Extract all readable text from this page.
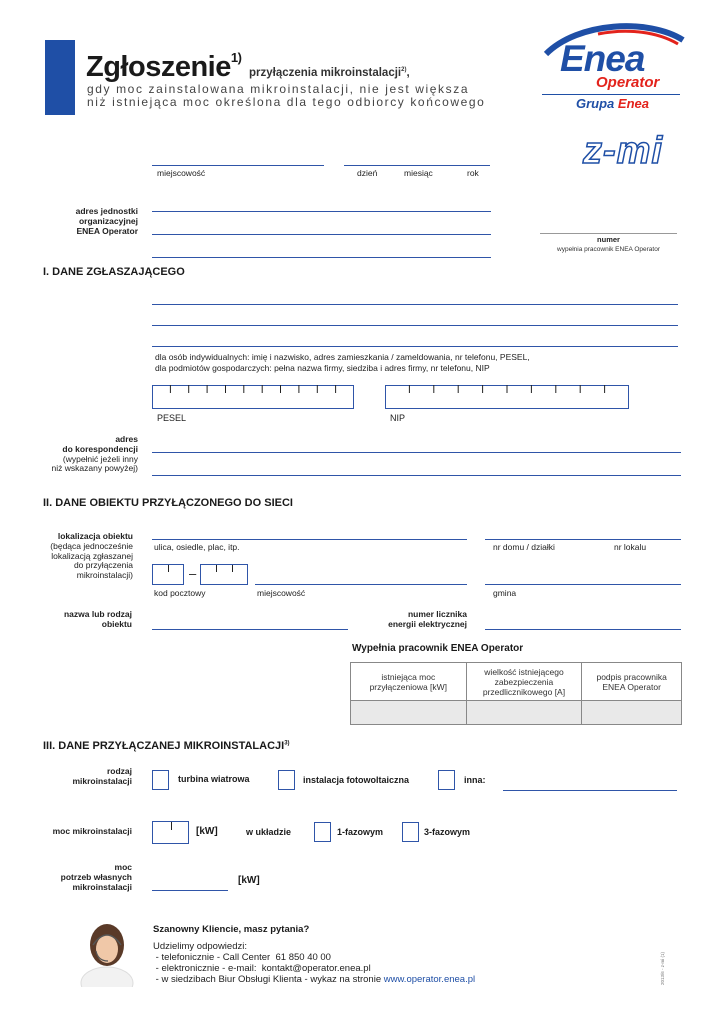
Zgłoszenie$^{1)}$ przyłączenia mikroinstalacji$^{2)}$,
gdy moc zainstalowana mikroinstalacji, nie jest większa
niż istniejąca moc określona dla tego odbiorcy końcowego
Enea
Operator
Grupa Enea
z-mi
miejscowość	dzień	miesiąc	rok
adres jednostki
organizacyjnej
ENEA Operator
numer
wypełnia pracownik ENEA Operator
I. DANE ZGŁASZAJĄCEGO
dla osób indywidualnych: imię i nazwisko, adres zamieszkania / zameldowania, nr telefonu, PESEL,
dla podmiotów gospodarczych: pełna nazwa firmy, siedziba i adres firmy, nr telefonu, NIP
PESEL	NIP
adres
do korespondencji
(wypełnić jeżeli inny
niż wskazany powyżej)
II. DANE OBIEKTU PRZYŁĄCZONEGO DO SIECI
lokalizacja obiektu
(będąca jednocześnie
lokalizacją zgłaszanej
do przyłączenia
mikroinstalacji)
ulica, osiedle, plac, itp.	nr domu / działki	nr lokalu
–
kod pocztowy	miejscowość	gmina
nazwa lub rodzaj
obiektu
numer licznika
energii elektrycznej
Wypełnia pracownik ENEA Operator
istniejąca moc przyłączeniowa [kW]	wielkość istniejącego zabezpieczenia przedlicznikowego [A]	podpis pracownika ENEA Operator

III. DANE PRZYŁĄCZANEJ MIKROINSTALACJI$^{3)}$
rodzaj
mikroinstalacji	turbina wiatrowa	instalacja fotowoltaiczna	inna:
moc mikroinstalacji	[kW]	w układzie	1-fazowym	3-fazowym
moc
potrzeb własnych
mikroinstalacji
[kW]
Szanowny Kliencie, masz pytania?
Udzielimy odpowiedzi:
- telefonicznie - Call Center  61 850 40 00
- elektronicznie - e-mail:  kontakt@operator.enea.pl
- w siedzibach Biur Obsługi Klienta - wykaz na stronie www.operator.enea.pl	2013/6 - z-mi (1)
